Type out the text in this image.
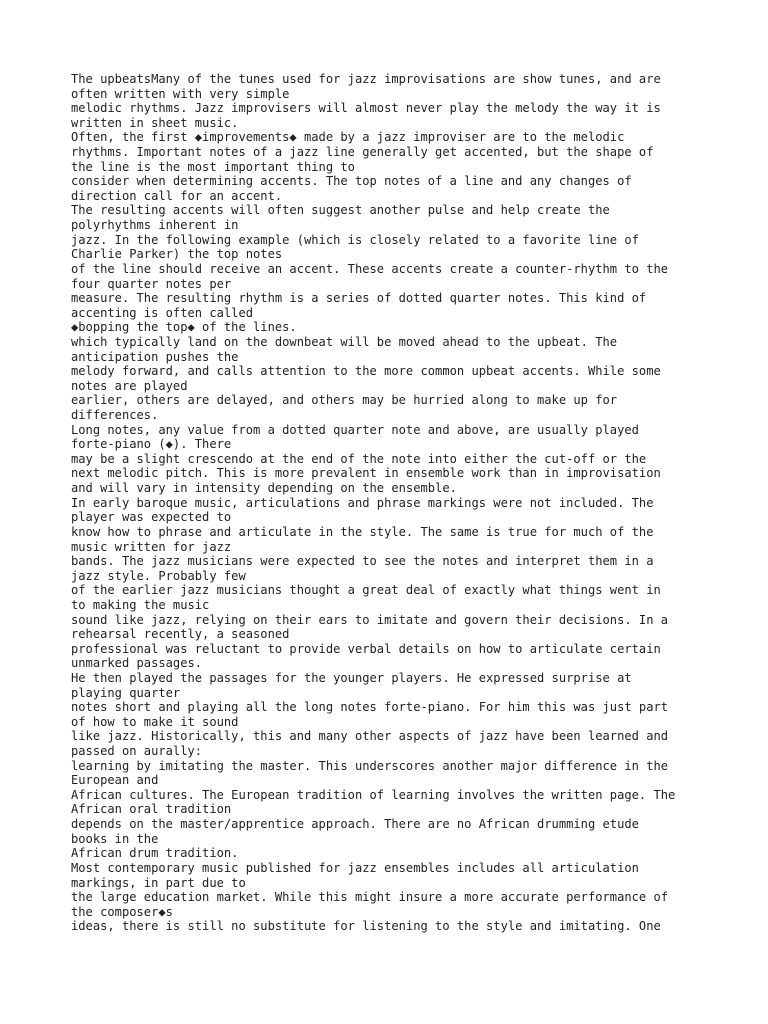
The upbeatsMany of the tunes used for jazz improvisations are show tunes, and are
often written with very simple
melodic rhythms. Jazz improvisers will almost never play the melody the way it is
written in sheet music.
Often, the first ◆improvements◆ made by a jazz improviser are to the melodic
rhythms. Important notes of a jazz line generally get accented, but the shape of
the line is the most important thing to
consider when determining accents. The top notes of a line and any changes of
direction call for an accent.
The resulting accents will often suggest another pulse and help create the
polyrhythms inherent in
jazz. In the following example (which is closely related to a favorite line of
Charlie Parker) the top notes
of the line should receive an accent. These accents create a counter-rhythm to the
four quarter notes per
measure. The resulting rhythm is a series of dotted quarter notes. This kind of
accenting is often called
◆bopping the top◆ of the lines.
which typically land on the downbeat will be moved ahead to the upbeat. The
anticipation pushes the
melody forward, and calls attention to the more common upbeat accents. While some
notes are played
earlier, others are delayed, and others may be hurried along to make up for
differences.
Long notes, any value from a dotted quarter note and above, are usually played
forte-piano (◆). There
may be a slight crescendo at the end of the note into either the cut-off or the
next melodic pitch. This is more prevalent in ensemble work than in improvisation
and will vary in intensity depending on the ensemble.
In early baroque music, articulations and phrase markings were not included. The
player was expected to
know how to phrase and articulate in the style. The same is true for much of the
music written for jazz
bands. The jazz musicians were expected to see the notes and interpret them in a
jazz style. Probably few
of the earlier jazz musicians thought a great deal of exactly what things went in
to making the music
sound like jazz, relying on their ears to imitate and govern their decisions. In a
rehearsal recently, a seasoned
professional was reluctant to provide verbal details on how to articulate certain
unmarked passages.
He then played the passages for the younger players. He expressed surprise at
playing quarter
notes short and playing all the long notes forte-piano. For him this was just part
of how to make it sound
like jazz. Historically, this and many other aspects of jazz have been learned and
passed on aurally:
learning by imitating the master. This underscores another major difference in the
European and
African cultures. The European tradition of learning involves the written page. The
African oral tradition
depends on the master/apprentice approach. There are no African drumming etude
books in the
African drum tradition.
Most contemporary music published for jazz ensembles includes all articulation
markings, in part due to
the large education market. While this might insure a more accurate performance of
the composer◆s
ideas, there is still no substitute for listening to the style and imitating. One
